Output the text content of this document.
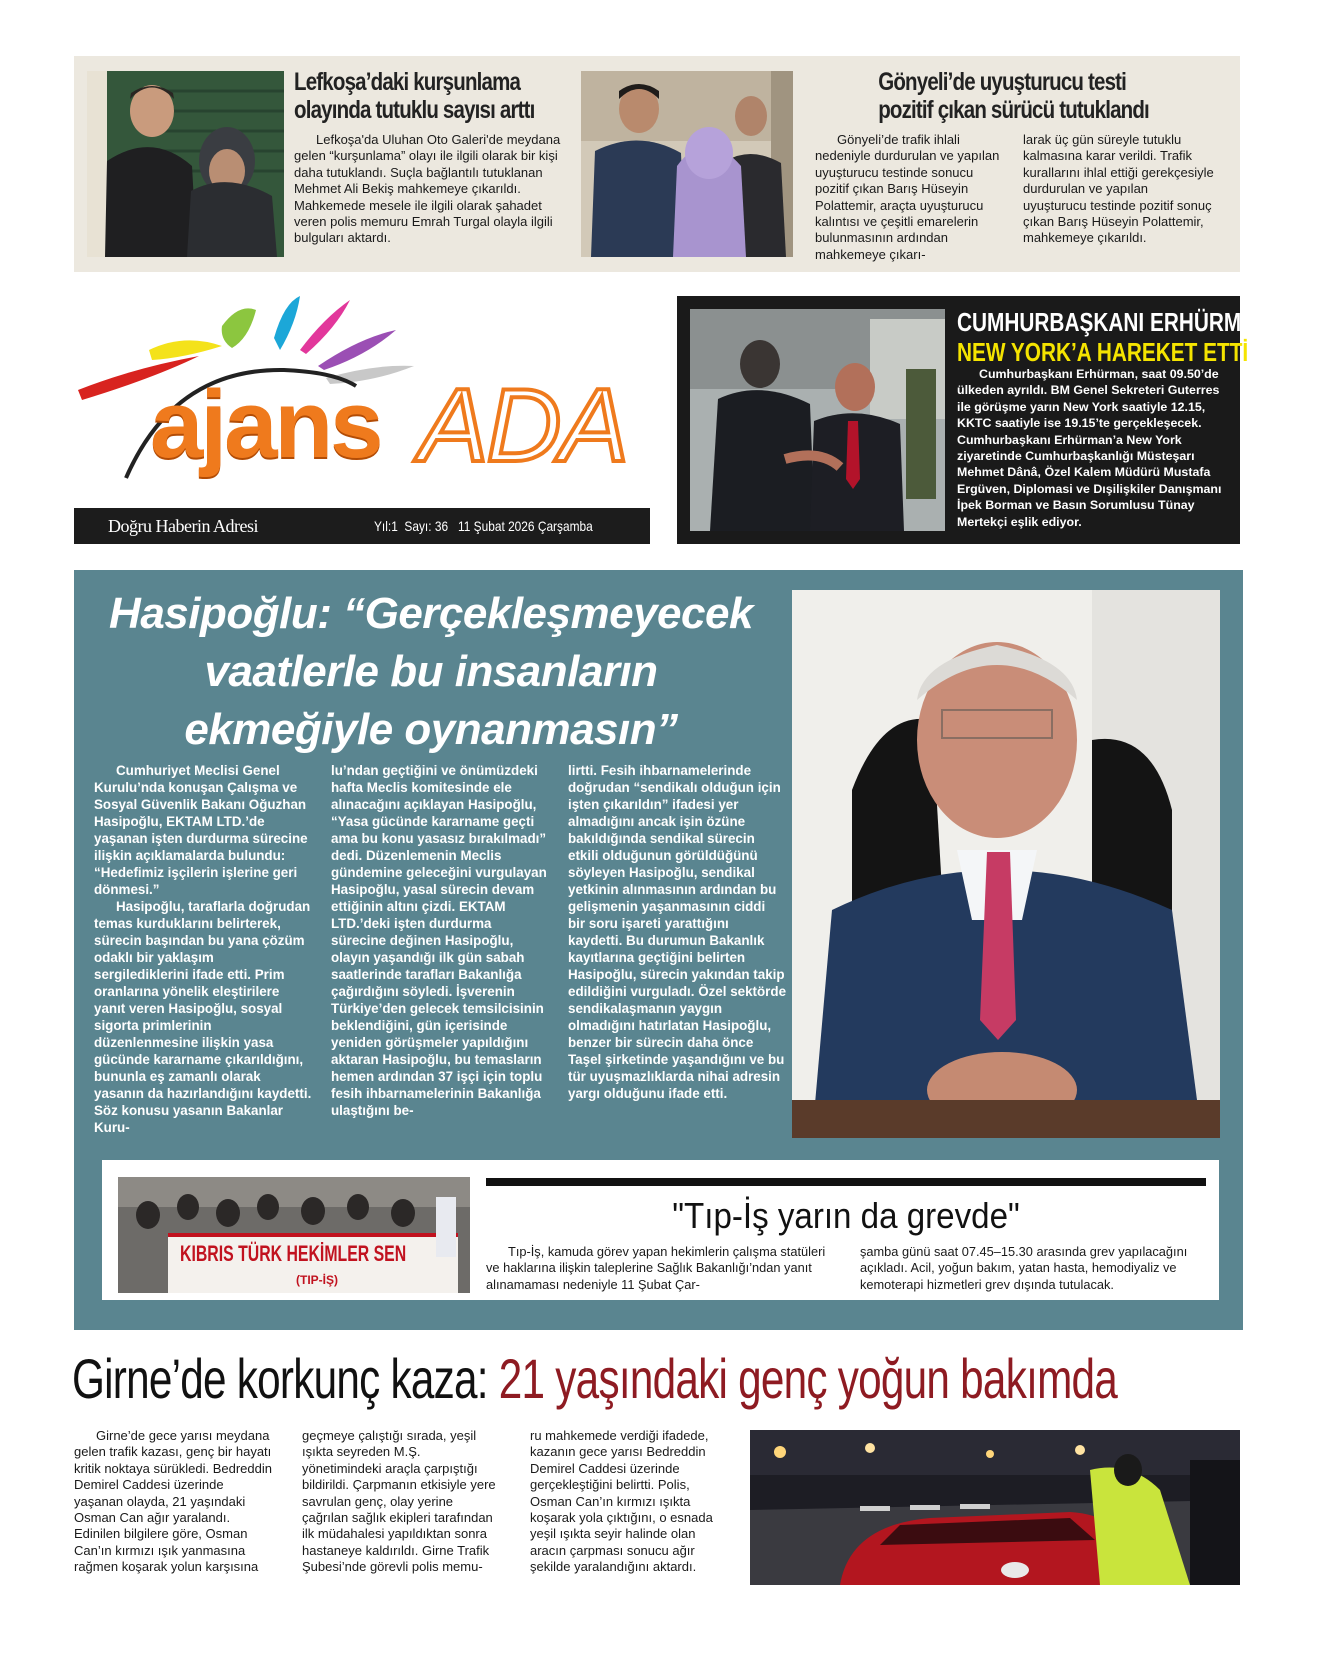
Lefkoşa’daki kurşunlama
olayında tutuklu sayısı arttı

Lefkoşa'da Uluhan Oto Galeri'de meydana gelen “kurşunlama” olayı ile ilgili olarak bir kişi daha tutuklandı. Suçla bağlantılı tutuklanan Mehmet Ali Bekiş mahkemeye çıkarıldı. Mahkemede mesele ile ilgili olarak şahadet veren polis memuru Emrah Turgal olayla ilgili bulguları aktardı.

Gönyeli’de uyuşturucu testi
pozitif çıkan sürücü tutuklandı

Gönyeli’de trafik ihlali nedeniyle durdurulan ve yapılan uyuşturucu testinde sonucu pozitif çıkan Barış Hüseyin Polattemir, araçta uyuşturucu kalıntısı ve çeşitli emarelerin bulunmasının ardından mahkemeye çıkarı-

larak üç gün süreyle tutuklu kalmasına karar verildi. Trafik kurallarını ihlal ettiği gerekçesiyle durdurulan ve yapılan uyuşturucu testinde pozitif sonuç çıkan Barış Hüseyin Polattemir, mahkemeye çıkarıldı.

ajans ADA
Doğru Haberin Adresi	Yıl:1  Sayı: 36   11 Şubat 2026 Çarşamba
CUMHURBAŞKANI ERHÜRMAN
NEW YORK’A HAREKET ETTİ

Cumhurbaşkanı Erhürman, saat 09.50’de ülkeden ayrıldı. BM Genel Sekreteri Guterres ile görüşme yarın New York saatiyle 12.15, KKTC saatiyle ise 19.15’te gerçekleşecek. Cumhurbaşkanı Erhürman’a New York ziyaretinde Cumhurbaşkanlığı Müsteşarı Mehmet Dânâ, Özel Kalem Müdürü Mustafa Ergüven, Diplomasi ve Dışilişkiler Danışmanı İpek Borman ve Basın Sorumlusu Tünay Mertekçi eşlik ediyor.

Hasipoğlu: “Gerçekleşmeyecek
vaatlerle bu insanların
ekmeğiyle oynanmasın”

Cumhuriyet Meclisi Genel Kurulu’nda konuşan Çalışma ve Sosyal Güvenlik Bakanı Oğuzhan Hasipoğlu, EKTAM LTD.’de yaşanan işten durdurma sürecine ilişkin açıklamalarda bulundu: “Hedefimiz işçilerin işlerine geri dönmesi.”

Hasipoğlu, taraflarla doğrudan temas kurduklarını belirterek, sürecin başından bu yana çözüm odaklı bir yaklaşım sergilediklerini ifade etti. Prim oranlarına yönelik eleştirilere yanıt veren Hasipoğlu, sosyal sigorta primlerinin düzenlenmesine ilişkin yasa gücünde kararname çıkarıldığını, bununla eş zamanlı olarak yasanın da hazırlandığını kaydetti. Söz konusu yasanın Bakanlar Kuru-

lu’ndan geçtiğini ve önümüzdeki hafta Meclis komitesinde ele alınacağını açıklayan Hasipoğlu, “Yasa gücünde kararname geçti ama bu konu yasasız bırakılmadı” dedi. Düzenlemenin Meclis gündemine geleceğini vurgulayan Hasipoğlu, yasal sürecin devam ettiğinin altını çizdi. EKTAM LTD.’deki işten durdurma sürecine değinen Hasipoğlu, olayın yaşandığı ilk gün sabah saatlerinde tarafları Bakanlığa çağırdığını söyledi. İşverenin Türkiye’den gelecek temsilcisinin beklendiğini, gün içerisinde yeniden görüşmeler yapıldığını aktaran Hasipoğlu, bu temasların hemen ardından 37 işçi için toplu fesih ihbarnamelerinin Bakanlığa ulaştığını be-

lirtti. Fesih ihbarnamelerinde doğrudan “sendikalı olduğun için işten çıkarıldın” ifadesi yer almadığını ancak işin özüne bakıldığında sendikal sürecin etkili olduğunun görüldüğünü söyleyen Hasipoğlu, sendikal yetkinin alınmasının ardından bu gelişmenin yaşanmasının ciddi bir soru işareti yarattığını kaydetti. Bu durumun Bakanlık kayıtlarına geçtiğini belirten Hasipoğlu, sürecin yakından takip edildiğini vurguladı. Özel sektörde sendikalaşmanın yaygın olmadığını hatırlatan Hasipoğlu, benzer bir sürecin daha önce Taşel şirketinde yaşandığını ve bu tür uyuşmazlıklarda nihai adresin yargı olduğunu ifade etti.

KIBRIS TÜRK HEKİMLER SEN
(TIP-İŞ)
"Tıp-İş yarın da grevde"

Tıp-İş, kamuda görev yapan hekimlerin çalışma statüleri ve haklarına ilişkin taleplerine Sağlık Bakanlığı’ndan yanıt alınamaması nedeniyle 11 Şubat Çar-

şamba günü saat 07.45–15.30 arasında grev yapılacağını açıkladı. Acil, yoğun bakım, yatan hasta, hemodiyaliz ve kemoterapi hizmetleri grev dışında tutulacak.

Girne’de korkunç kaza: 21 yaşındaki genç yoğun bakımda

Girne’de gece yarısı meydana gelen trafik kazası, genç bir hayatı kritik noktaya sürükledi. Bedreddin Demirel Caddesi üzerinde yaşanan olayda, 21 yaşındaki Osman Can ağır yaralandı. Edinilen bilgilere göre, Osman Can’ın kırmızı ışık yanmasına rağmen koşarak yolun karşısına

geçmeye çalıştığı sırada, yeşil ışıkta seyreden M.Ş. yönetimindeki araçla çarpıştığı bildirildi. Çarpmanın etkisiyle yere savrulan genç, olay yerine çağrılan sağlık ekipleri tarafından ilk müdahalesi yapıldıktan sonra hastaneye kaldırıldı. Girne Trafik Şubesi’nde görevli polis memu-

ru mahkemede verdiği ifadede, kazanın gece yarısı Bedreddin Demirel Caddesi üzerinde gerçekleştiğini belirtti. Polis, Osman Can’ın kırmızı ışıkta koşarak yola çıktığını, o esnada yeşil ışıkta seyir halinde olan aracın çarpması sonucu ağır şekilde yaralandığını aktardı.
